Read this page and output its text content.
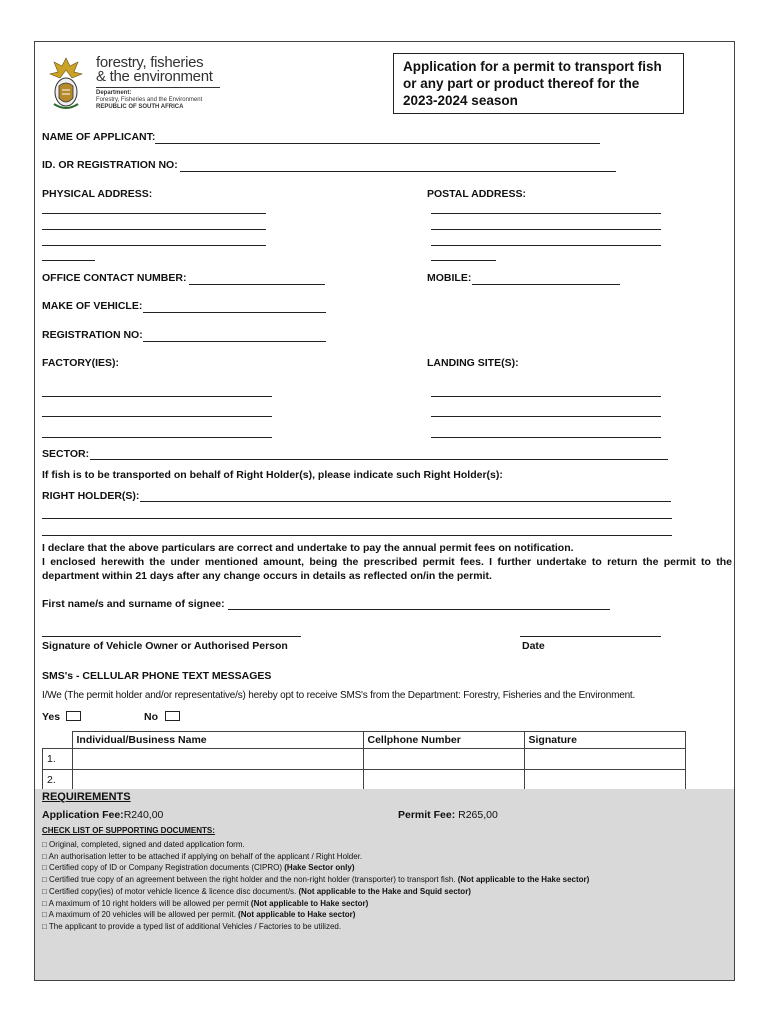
forestry, fisheries
& the environment
Department:
Forestry, Fisheries and the Environment
REPUBLIC OF SOUTH AFRICA
Application for a permit to transport fish or any part or product thereof for the 2023-2024 season
NAME OF APPLICANT:
ID. OR REGISTRATION NO:
PHYSICAL ADDRESS:	POSTAL ADDRESS:
OFFICE CONTACT NUMBER:	MOBILE:
MAKE OF VEHICLE:
REGISTRATION NO:
FACTORY(IES):	LANDING SITE(S):
SECTOR:
If fish is to be transported on behalf of Right Holder(s), please indicate such Right Holder(s):
RIGHT HOLDER(S):
I declare that the above particulars are correct and undertake to pay the annual permit fees on notification.
I enclosed herewith the under mentioned amount, being the prescribed permit fees. I further undertake to return the permit to the department within 21 days after any change occurs in details as reflected on/in the permit.
First name/s and surname of signee:
Signature of Vehicle Owner or Authorised Person	Date
SMS's - CELLULAR PHONE TEXT MESSAGES
I/We (The permit holder and/or representative/s) hereby opt to receive SMS's from the Department: Forestry, Fisheries and the Environment.
Yes	No
	Individual/Business Name	Cellphone Number	Signature
1.			
2.			
REQUIREMENTS
Application Fee:R240,00	Permit Fee: R265,00
CHECK LIST OF SUPPORTING DOCUMENTS:
□ Original, completed, signed and dated application form.
□ An authorisation letter to be attached if applying on behalf of the applicant / Right Holder.
□ Certified copy of ID or Company Registration documents (CIPRO) (Hake Sector only)
□ Certified true copy of an agreement between the right holder and the non-right holder (transporter) to transport fish. (Not applicable to the Hake sector)
□ Certified copy(ies) of motor vehicle licence & licence disc document/s. (Not applicable to the Hake and Squid sector)
□ A maximum of 10 right holders will be allowed per permit (Not applicable to Hake sector)
□ A maximum of 20 vehicles will be allowed per permit. (Not applicable to Hake sector)
□ The applicant to provide a typed list of additional Vehicles / Factories to be utilized.
